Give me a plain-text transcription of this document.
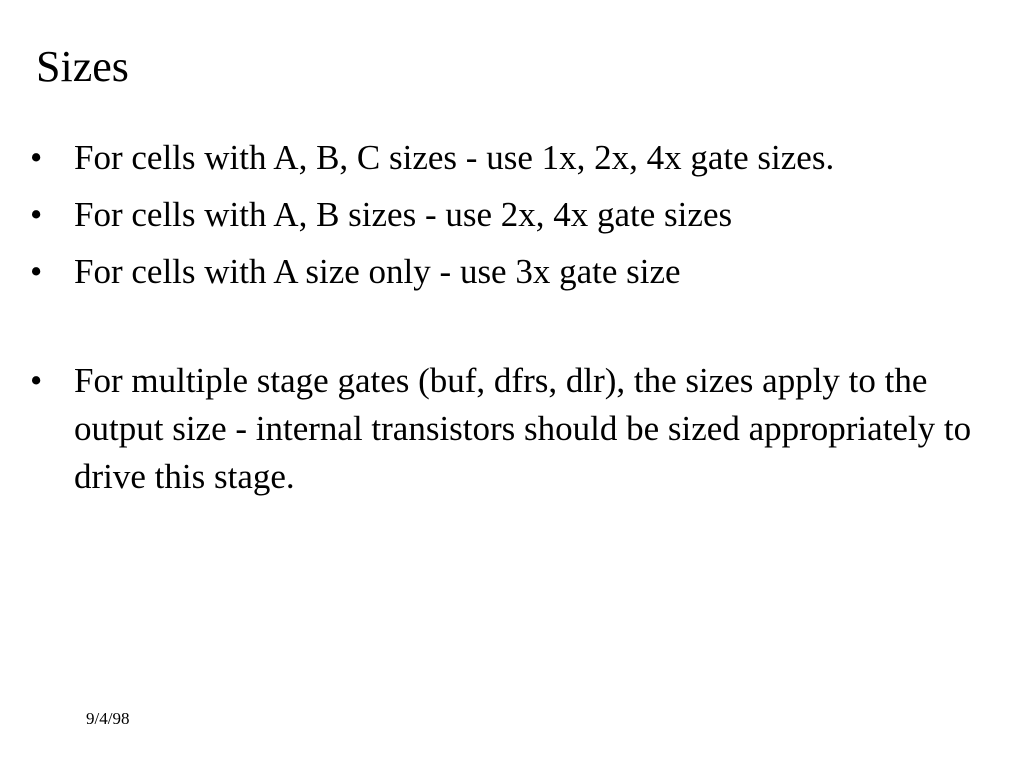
Sizes
• For cells with A, B, C sizes - use 1x, 2x, 4x gate sizes.
• For cells with A, B sizes - use 2x, 4x gate sizes
• For cells with A size only - use 3x gate size
• For multiple stage gates (buf, dfrs, dlr), the sizes apply to the output size - internal transistors should be sized appropriately to drive this stage.
9/4/98
